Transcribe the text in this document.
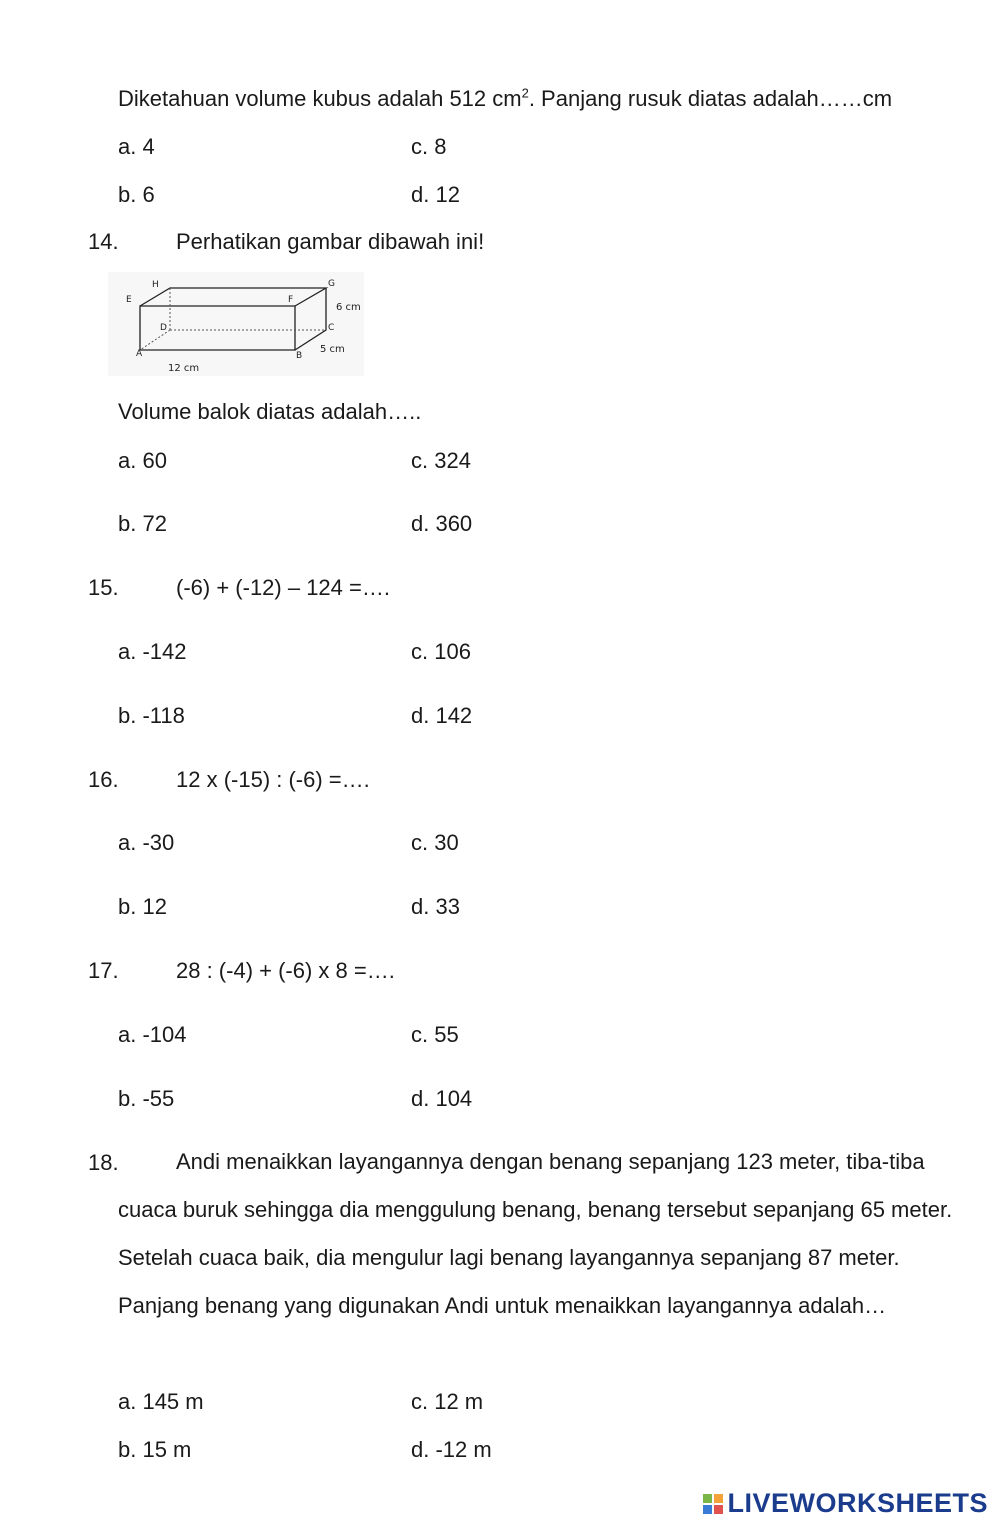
Diketahuan volume kubus adalah 512 $cm^2$. Panjang rusuk diatas adalah……cm
a. 4	c. 8
b. 6	d. 12
14.	Perhatikan gambar dibawah ini!
H	G
E	F
D	C
A	B
6 cm
5 cm
12 cm
Volume balok diatas adalah…..
a. 60	c. 324
b. 72	d. 360
15.	(-6) + (-12) – 124 =….
a. -142	c. 106
b. -118	d. 142
16.	12 x (-15) : (-6) =….
a. -30	c. 30
b. 12	d. 33
17.	28 : (-4) + (-6) x 8 =….
a. -104	c. 55
b. -55	d. 104
18.	Andi menaikkan layangannya dengan benang sepanjang 123 meter, tiba-tiba cuaca buruk sehingga dia menggulung benang, benang tersebut sepanjang 65 meter. Setelah cuaca baik, dia mengulur lagi benang layangannya sepanjang 87 meter. Panjang benang yang digunakan Andi untuk menaikkan layangannya adalah…
a. 145 m	c. 12 m
b. 15 m	d. -12 m
LIVEWORKSHEETS
